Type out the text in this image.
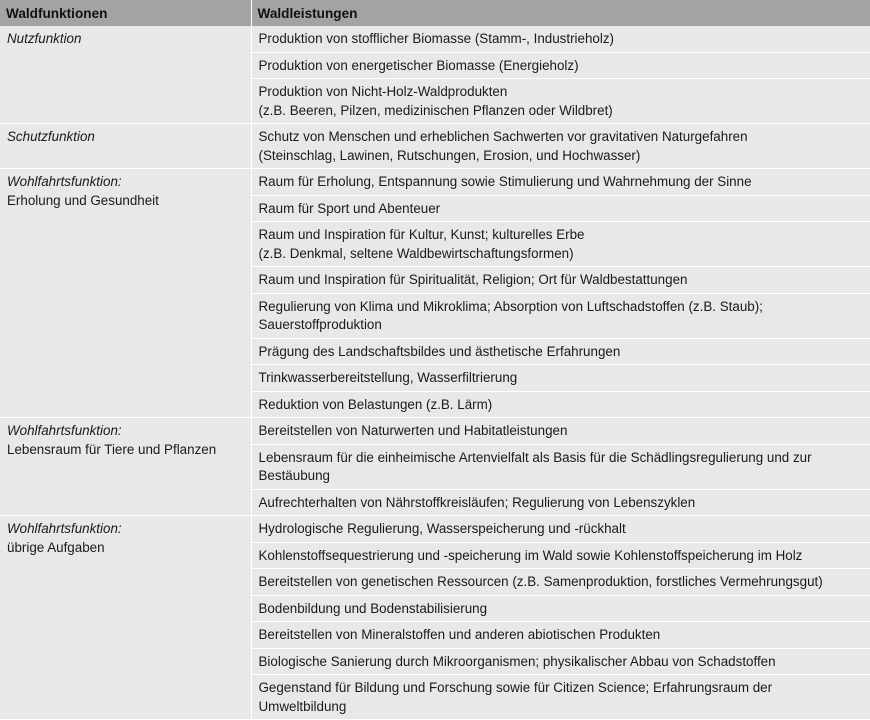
Waldfunktionen	Waldleistungen

Nutzfunktion	Produktion von stofflicher Biomasse (Stamm-, Industrieholz)
	Produktion von energetischer Biomasse (Energieholz)
	Produktion von Nicht-Holz-Waldprodukten
(z.B. Beeren, Pilzen, medizinischen Pflanzen oder Wildbret)

Schutzfunktion	Schutz von Menschen und erheblichen Sachwerten vor gravitativen Naturgefahren
(Steinschlag, Lawinen, Rutschungen, Erosion, und Hochwasser)

Wohlfahrtsfunktion:
Erholung und Gesundheit	Raum für Erholung, Entspannung sowie Stimulierung und Wahrnehmung der Sinne
	Raum für Sport und Abenteuer
	Raum und Inspiration für Kultur, Kunst; kulturelles Erbe
(z.B. Denkmal, seltene Waldbewirtschaftungsformen)
	Raum und Inspiration für Spiritualität, Religion; Ort für Waldbestattungen
	Regulierung von Klima und Mikroklima; Absorption von Luftschadstoffen (z.B. Staub);
Sauerstoffproduktion
	Prägung des Landschaftsbildes und ästhetische Erfahrungen
	Trinkwasserbereitstellung, Wasserfiltrierung
	Reduktion von Belastungen (z.B. Lärm)

Wohlfahrtsfunktion:
Lebensraum für Tiere und Pflanzen	Bereitstellen von Naturwerten und Habitatleistungen
	Lebensraum für die einheimische Artenvielfalt als Basis für die Schädlingsregulierung und zur
Bestäubung
	Aufrechterhalten von Nährstoffkreisläufen; Regulierung von Lebenszyklen

Wohlfahrtsfunktion:
übrige Aufgaben	Hydrologische Regulierung, Wasserspeicherung und -rückhalt
	Kohlenstoffsequestrierung und -speicherung im Wald sowie Kohlenstoffspeicherung im Holz
	Bereitstellen von genetischen Ressourcen (z.B. Samenproduktion, forstliches Vermehrungsgut)
	Bodenbildung und Bodenstabilisierung
	Bereitstellen von Mineralstoffen und anderen abiotischen Produkten
	Biologische Sanierung durch Mikroorganismen; physikalischer Abbau von Schadstoffen
	Gegenstand für Bildung und Forschung sowie für Citizen Science; Erfahrungsraum der
Umweltbildung
